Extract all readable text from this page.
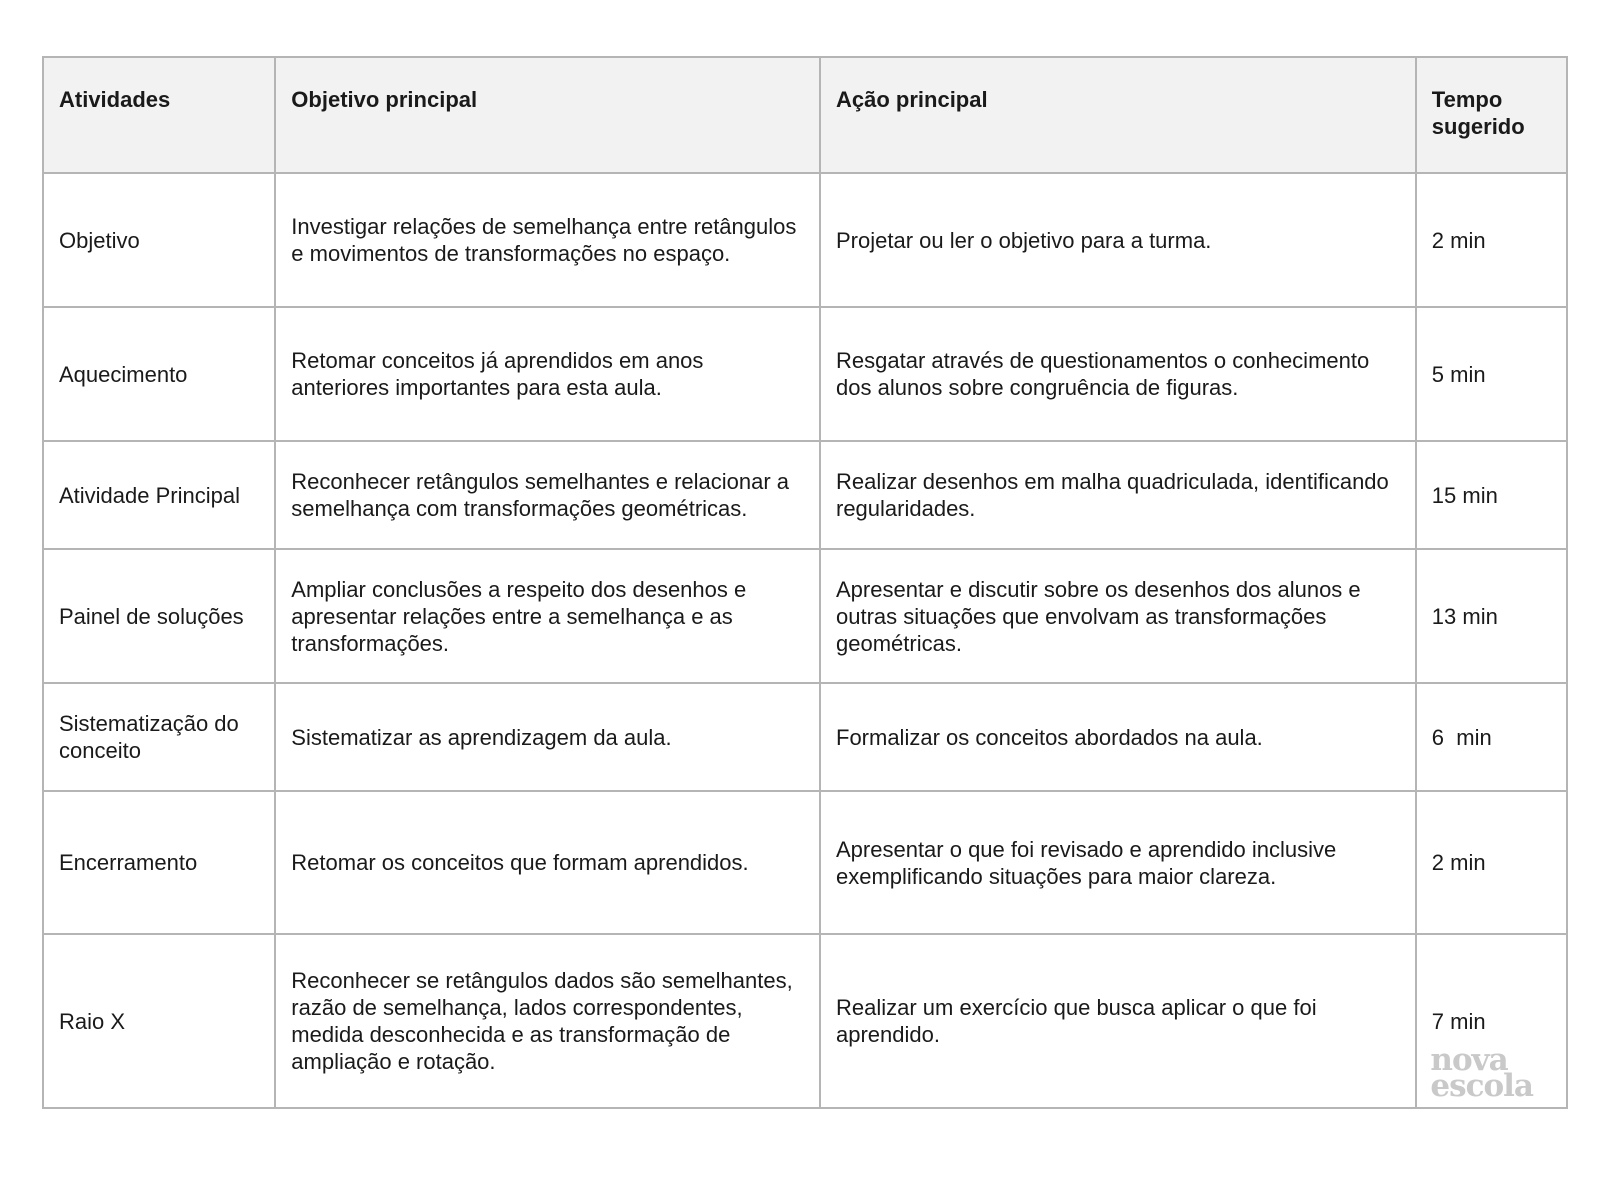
Atividades	Objetivo principal	Ação principal	Tempo sugerido
Objetivo	Investigar relações de semelhança entre retângulos e movimentos de transformações no espaço.	Projetar ou ler o objetivo para a turma.	2 min
Aquecimento	Retomar conceitos já aprendidos em anos anteriores importantes para esta aula.	Resgatar através de questionamentos o conhecimento dos alunos sobre congruência de figuras.	5 min
Atividade Principal	Reconhecer retângulos semelhantes e relacionar a semelhança com transformações geométricas.	Realizar desenhos em malha quadriculada, identificando regularidades.	15 min
Painel de soluções	Ampliar conclusões a respeito dos desenhos e apresentar relações entre a semelhança e as transformações.	Apresentar e discutir sobre os desenhos dos alunos e outras situações que envolvam as transformações geométricas.	13 min
Sistematização do conceito	Sistematizar as aprendizagem da aula.	Formalizar os conceitos abordados na aula.	6  min
Encerramento	Retomar os conceitos que formam aprendidos.	Apresentar o que foi revisado e aprendido inclusive exemplificando situações para maior clareza.	2 min
Raio X	Reconhecer se retângulos dados são semelhantes, razão de semelhança, lados correspondentes, medida desconhecida e as transformação de ampliação e rotação.	Realizar um exercício que busca aplicar o que foi aprendido.	7 min
nova
escola
